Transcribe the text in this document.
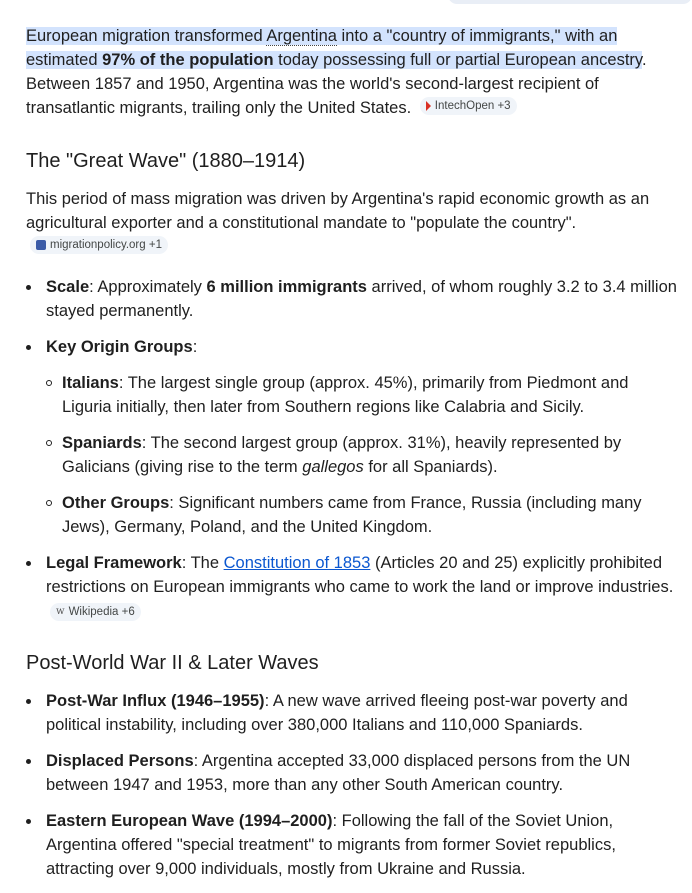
European migration transformed Argentina into a "country of immigrants," with an estimated 97% of the population today possessing full or partial European ancestry. Between 1857 and 1950, Argentina was the world's second-largest recipient of transatlantic migrants, trailing only the United States. IntechOpen +3

The "Great Wave" (1880–1914)

This period of mass migration was driven by Argentina's rapid economic growth as an agricultural exporter and a constitutional mandate to "populate the country".
migrationpolicy.org +1

Scale: Approximately 6 million immigrants arrived, of whom roughly 3.2 to 3.4 million stayed permanently.
Key Origin Groups:
Italians: The largest single group (approx. 45%), primarily from Piedmont and Liguria initially, then later from Southern regions like Calabria and Sicily.
Spaniards: The second largest group (approx. 31%), heavily represented by Galicians (giving rise to the term gallegos for all Spaniards).
Other Groups: Significant numbers came from France, Russia (including many Jews), Germany, Poland, and the United Kingdom.
Legal Framework: The Constitution of 1853 (Articles 20 and 25) explicitly prohibited restrictions on European immigrants who came to work the land or improve industries.
w Wikipedia +6
Post-World War II & Later Waves
Post-War Influx (1946–1955): A new wave arrived fleeing post-war poverty and political instability, including over 380,000 Italians and 110,000 Spaniards.
Displaced Persons: Argentina accepted 33,000 displaced persons from the UN between 1947 and 1953, more than any other South American country.
Eastern European Wave (1994–2000): Following the fall of the Soviet Union, Argentina offered "special treatment" to migrants from former Soviet republics, attracting over 9,000 individuals, mostly from Ukraine and Russia.
